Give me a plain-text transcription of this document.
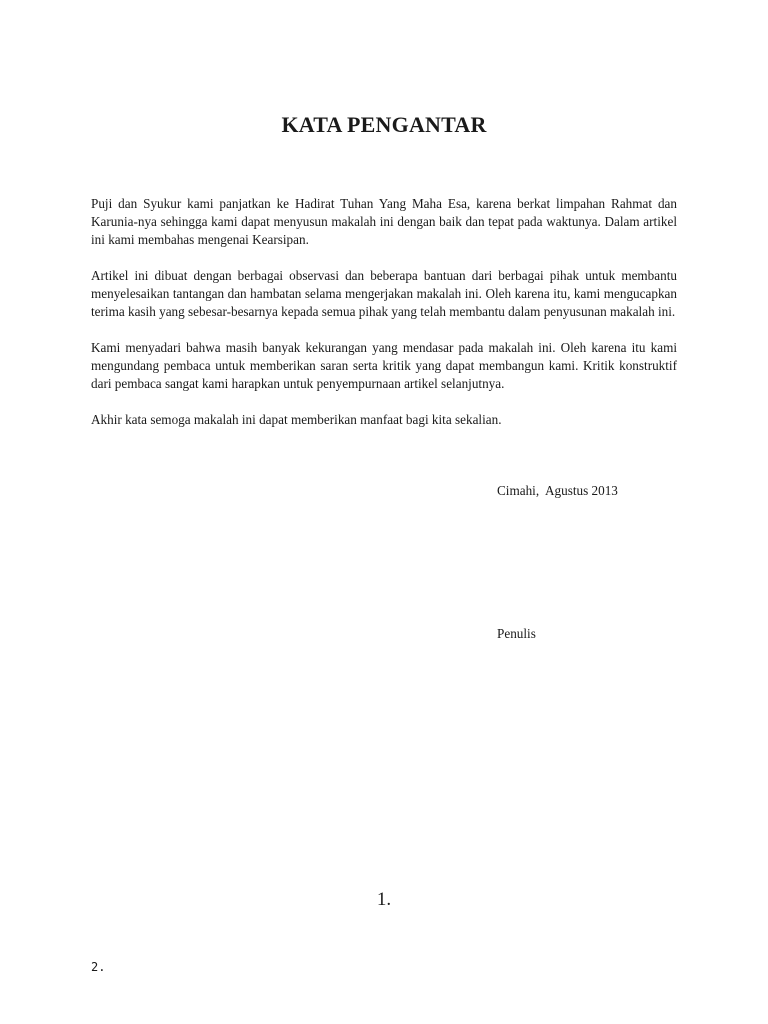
KATA PENGANTAR

Puji dan Syukur kami panjatkan ke Hadirat Tuhan Yang Maha Esa, karena berkat limpahan Rahmat dan Karunia-nya sehingga kami dapat menyusun makalah ini dengan baik dan tepat pada waktunya. Dalam artikel ini kami membahas mengenai Kearsipan.

Artikel ini dibuat dengan berbagai observasi dan beberapa bantuan dari berbagai pihak untuk membantu menyelesaikan tantangan dan hambatan selama mengerjakan makalah ini. Oleh karena itu, kami mengucapkan terima kasih yang sebesar-besarnya kepada semua pihak yang telah membantu dalam penyusunan makalah ini.

Kami menyadari bahwa masih banyak kekurangan yang mendasar pada makalah ini. Oleh karena itu kami mengundang pembaca untuk memberikan saran serta kritik yang dapat membangun kami. Kritik konstruktif dari pembaca sangat kami harapkan untuk penyempurnaan artikel selanjutnya.

Akhir kata semoga makalah ini dapat memberikan manfaat bagi kita sekalian.

Cimahi,  Agustus 2013
Penulis
1.
2.
